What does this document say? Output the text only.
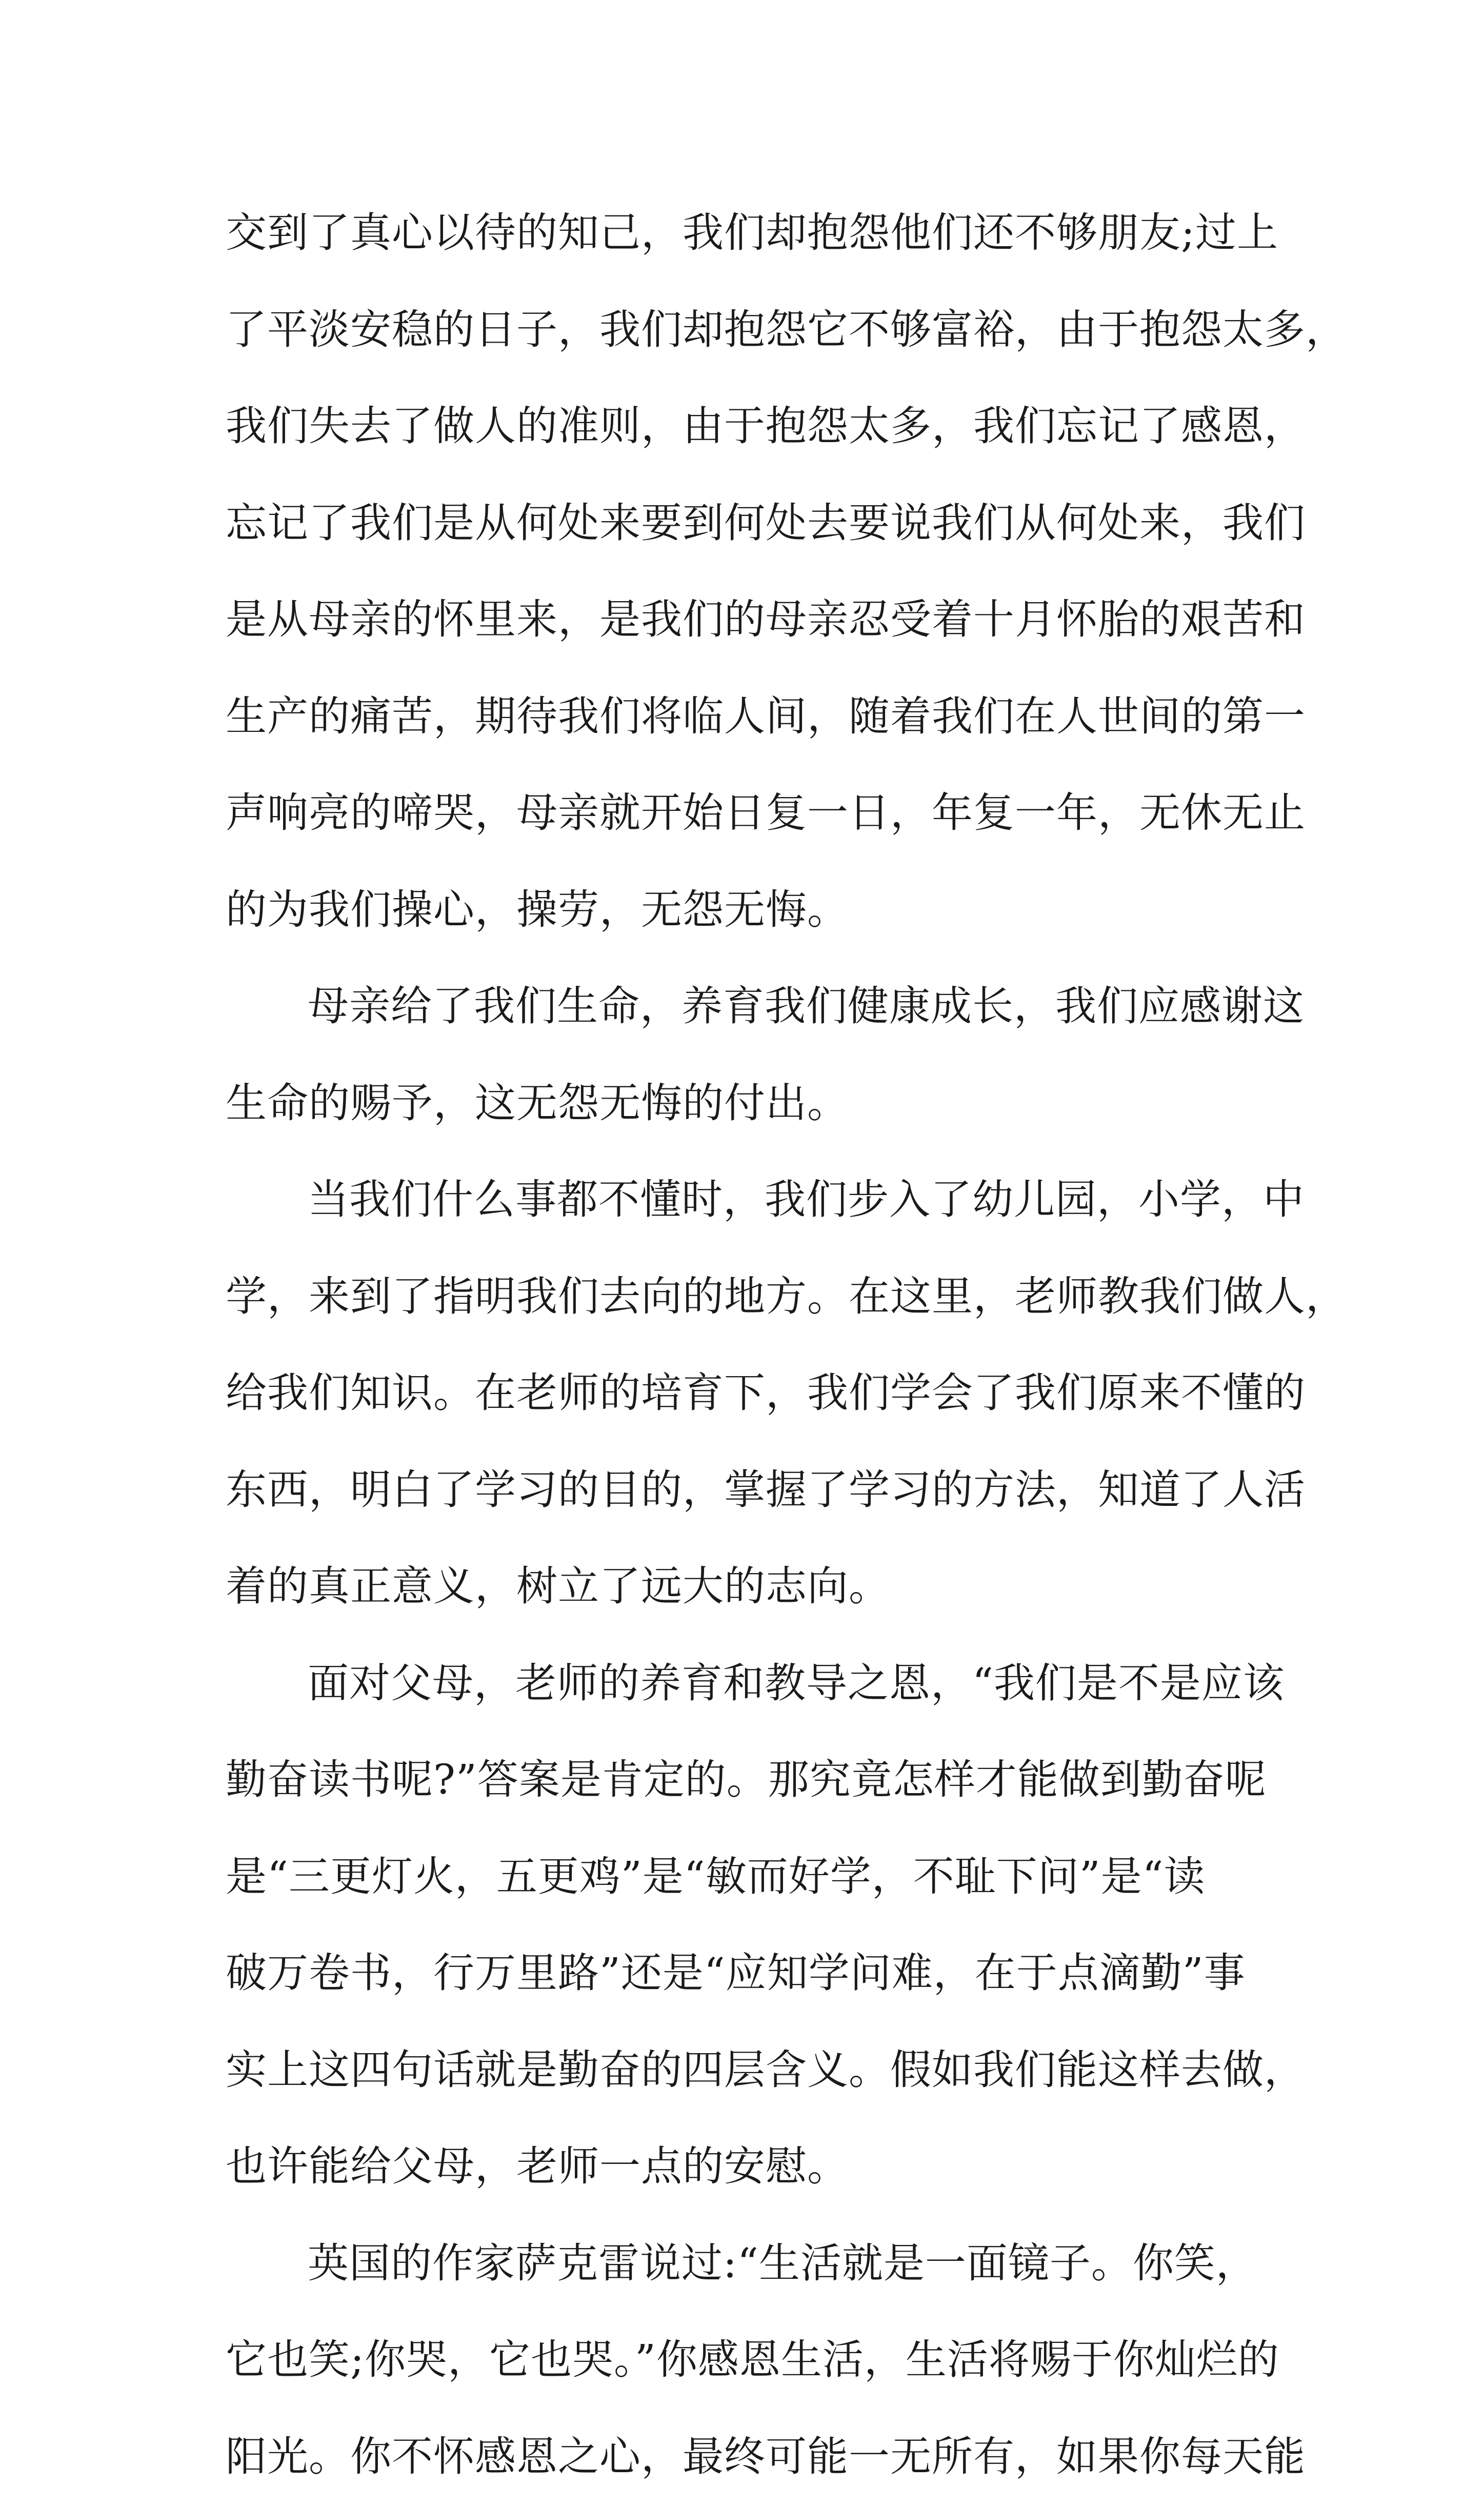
交到了真心以待的知己，我们却抱怨他们还不够朋友;过上
了平淡安稳的日子，我们却抱怨它不够富裕，由于抱怨太多，
我们失去了做人的准则，由于抱怨太多，我们忘记了感恩，
忘记了我们是从何处来要到何处去要说我们从何处来，我们
是从母亲的怀里来，是我们的母亲忍受着十月怀胎的艰苦和
生产的痛苦，期待我们将临人间，随着我们在人世间的第一
声响亮的啼哭，母亲就开始日复一日，年复一年，无休无止
的为我们操心，操劳，无怨无悔。
母亲给了我们生命，养育我们健康成长，我们应感谢这
生命的赐予，这无怨无悔的付出。
当我们什么事都不懂时，我们步入了幼儿园，小学，中
学，来到了指明我们去向的地方。在这里，老师教我们做人，
给我们知识。在老师的培育下，我们学会了我们原来不懂的
东西，明白了学习的目的，掌握了学习的方法，知道了人活
着的真正意义，树立了远大的志向。
面对父母，老师的养育和教导之恩，“我们是不是应该
勤奋读书呢?”答案是肯定的。那究竟怎样才能做到勤奋呢
是“三更灯火，五更鸡”是“敏而好学，不耻下问”是“读
破万卷书，行万里路”还是“应知学问难，在于点滴勤”事
实上这四句话就是勤奋的四层含义。假如我们能这样去做，
也许能给父母，老师一点的安慰。
英国的作家萨克雷说过:“生活就是一面镜子。你笑，
它也笑;你哭，它也哭。”你感恩生活，生活将赐于你灿烂的
阳光。你不怀感恩之心，最终可能一无所有，如果你每天能
